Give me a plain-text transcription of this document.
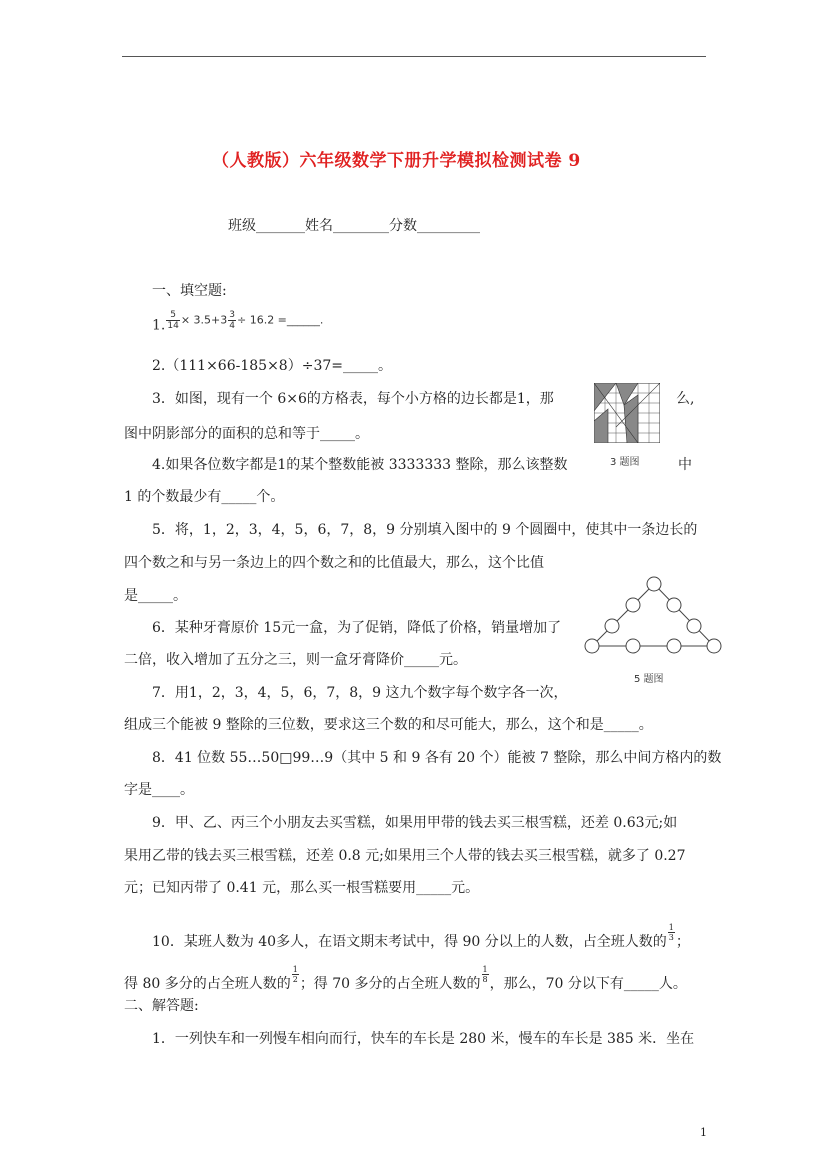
（人教版）六年级数学下册升学模拟检测试卷 9
班级_______姓名________分数_________
一、填空题:
1. $\frac{5}{14} \times 3.5+3 \frac{3}{4} \div 16.2$ =______.
2.（111×66-185×8）÷37=_____。
3．如图，现有一个 6×6的方格表，每个小方格的边长都是1，那	么,
图中阴影部分的面积的总和等于_____。
3 题图
4.如果各位数字都是1的某个整数能被 3333333 整除，那么该整数	中
1 的个数最少有_____个。
5．将，1，2，3，4，5，6，7，8，9 分别填入图中的 9 个圆圈中，使其中一条边长的
四个数之和与另一条边上的四个数之和的比值最大，那么，这个比值
是_____。
5 题图
6．某种牙膏原价 15元一盒，为了促销，降低了价格，销量增加了
二倍，收入增加了五分之三，则一盒牙膏降价_____元。
7．用1，2，3，4，5，6，7，8，9 这九个数字每个数字各一次，
组成三个能被 9 整除的三位数，要求这三个数的和尽可能大，那么，这个和是_____。
8．41 位数 55…50□99…9（其中 5 和 9 各有 20 个）能被 7 整除，那么中间方格内的数
字是____。
9．甲、乙、丙三个小朋友去买雪糕，如果用甲带的钱去买三根雪糕，还差 0.63元;如
果用乙带的钱去买三根雪糕，还差 0.8 元;如果用三个人带的钱去买三根雪糕，就多了 0.27
元；已知丙带了 0.41 元，那么买一根雪糕要用_____元。
10．某班人数为 40多人，在语文期末考试中，得 90 分以上的人数，占全班人数的 $\frac{1}{3}$ ；
得 80 多分的占全班人数的 $\frac{1}{2}$ ；得 70 多分的占全班人数的 $\frac{1}{8}$ ，那么，70 分以下有_____人。
二、解答题:
1．一列快车和一列慢车相向而行，快车的车长是 280 米，慢车的车长是 385 米．坐在
1
